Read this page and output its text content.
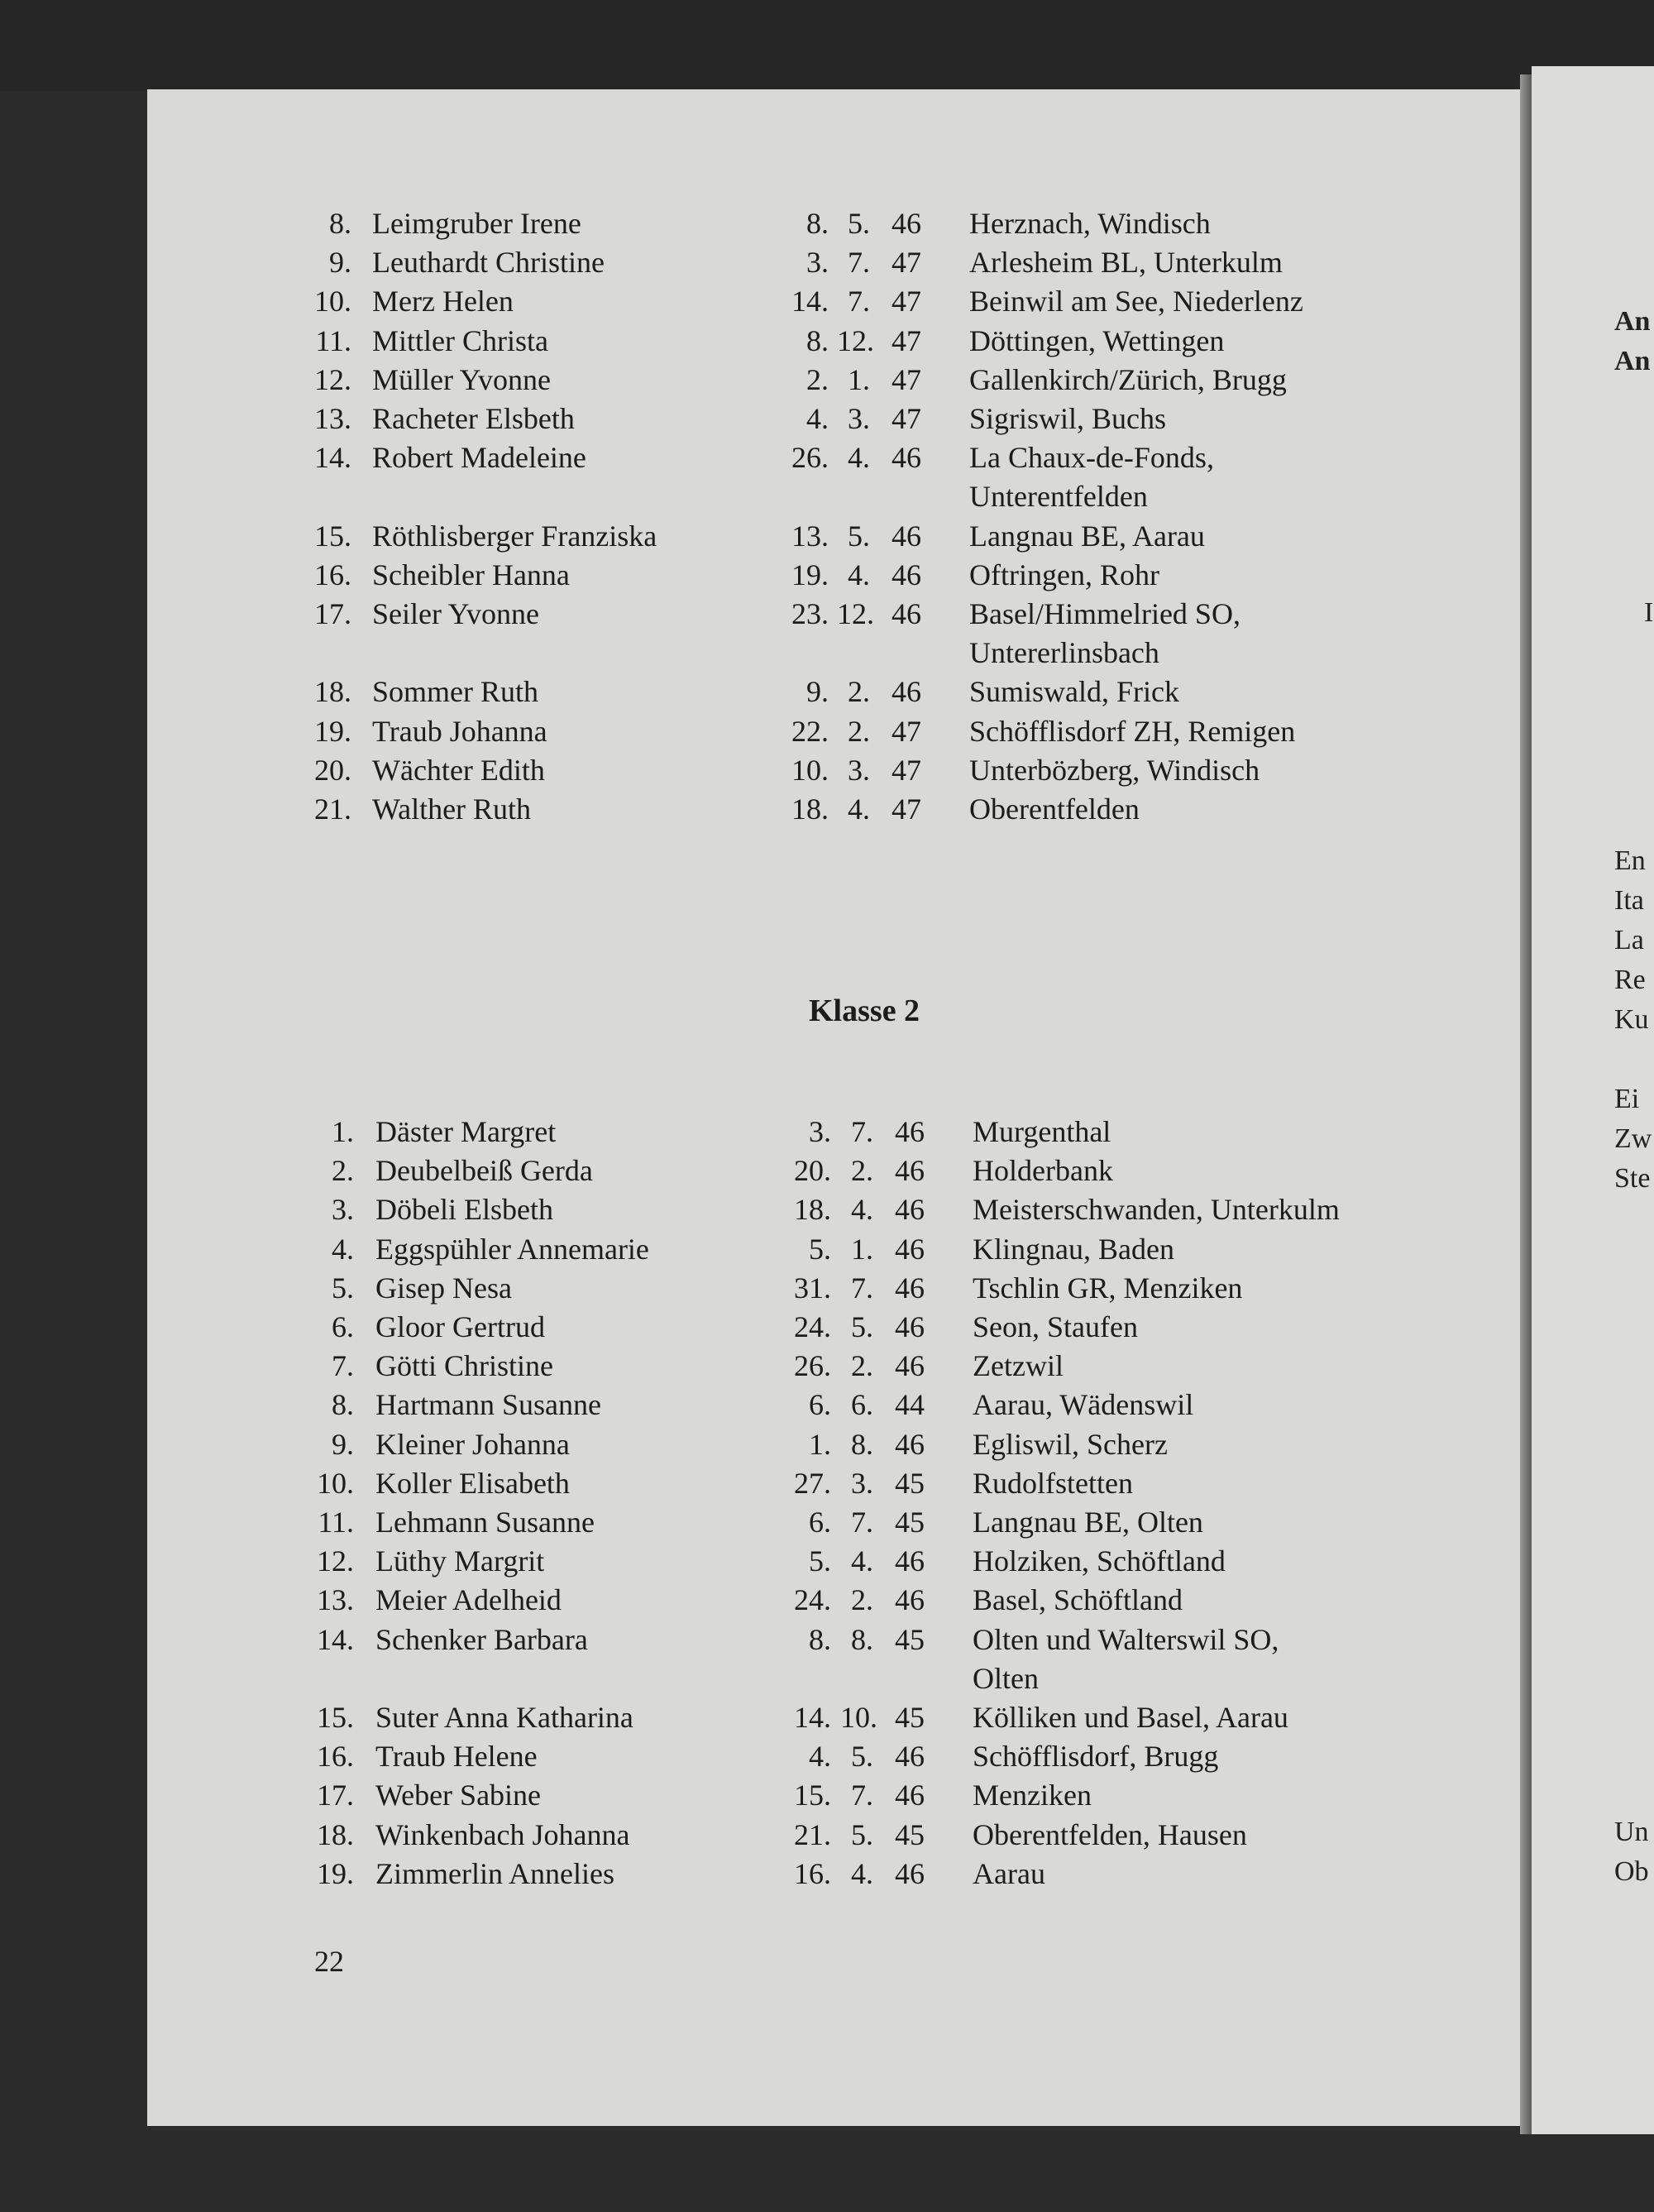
8. Leimgruber Irene	8. 5. 46 Herznach, Windisch
9. Leuthardt Christine	3. 7. 47 Arlesheim BL, Unterkulm
10. Merz Helen	14. 7. 47 Beinwil am See, Niederlenz
11. Mittler Christa	8. 12. 47 Döttingen, Wettingen
12. Müller Yvonne	2. 1. 47 Gallenkirch/Zürich, Brugg
13. Racheter Elsbeth	4. 3. 47 Sigriswil, Buchs
14. Robert Madeleine	26. 4. 46 La Chaux-de-Fonds,
Unterentfelden
15. Röthlisberger Franziska	13. 5. 46 Langnau BE, Aarau
16. Scheibler Hanna	19. 4. 46 Oftringen, Rohr
17. Seiler Yvonne	23. 12. 46 Basel/Himmelried SO,
Untererlinsbach
18. Sommer Ruth	9. 2. 46 Sumiswald, Frick
19. Traub Johanna	22. 2. 47 Schöfflisdorf ZH, Remigen
20. Wächter Edith	10. 3. 47 Unterbözberg, Windisch
21. Walther Ruth	18. 4. 47 Oberentfelden
Klasse 2
1. Däster Margret	3. 7. 46 Murgenthal
2. Deubelbeiß Gerda	20. 2. 46 Holderbank
3. Döbeli Elsbeth	18. 4. 46 Meisterschwanden, Unterkulm
4. Eggspühler Annemarie	5. 1. 46 Klingnau, Baden
5. Gisep Nesa	31. 7. 46 Tschlin GR, Menziken
6. Gloor Gertrud	24. 5. 46 Seon, Staufen
7. Götti Christine	26. 2. 46 Zetzwil
8. Hartmann Susanne	6. 6. 44 Aarau, Wädenswil
9. Kleiner Johanna	1. 8. 46 Egliswil, Scherz
10. Koller Elisabeth	27. 3. 45 Rudolfstetten
11. Lehmann Susanne	6. 7. 45 Langnau BE, Olten
12. Lüthy Margrit	5. 4. 46 Holziken, Schöftland
13. Meier Adelheid	24. 2. 46 Basel, Schöftland
14. Schenker Barbara	8. 8. 45 Olten und Walterswil SO,
Olten
15. Suter Anna Katharina	14. 10. 45 Kölliken und Basel, Aarau
16. Traub Helene	4. 5. 46 Schöfflisdorf, Brugg
17. Weber Sabine	15. 7. 46 Menziken
18. Winkenbach Johanna	21. 5. 45 Oberentfelden, Hausen
19. Zimmerlin Annelies	16. 4. 46 Aarau
22
An
An
I
En
Ita
La
Re
Ku
Ei
Zw
Ste
Un
Ob
